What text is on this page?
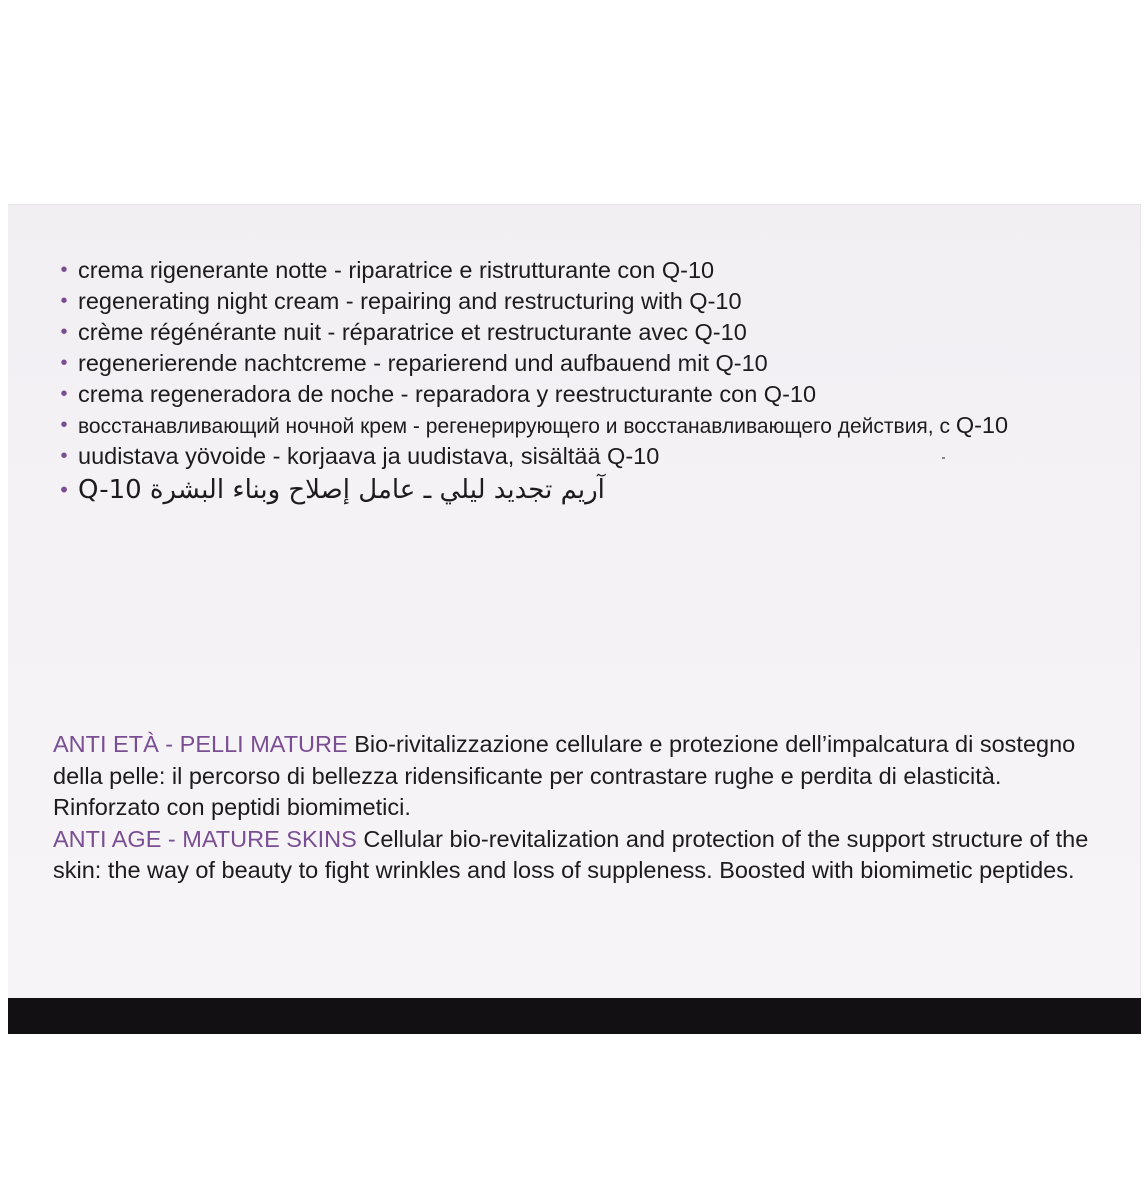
• crema rigenerante notte - riparatrice e ristrutturante con Q-10
• regenerating night cream - repairing and restructuring with Q-10
• crème régénérante nuit - réparatrice et restructurante avec Q-10
• regenerierende nachtcreme - reparierend und aufbauend mit Q-10
• crema regeneradora de noche - reparadora y reestructurante con Q-10
• восстанавливающий ночной крем - регенерирующего и восстанавливающего действия, с Q-10
• uudistava yövoide - korjaava ja uudistava, sisältää Q-10
• آريم تجديد ليلي ـ عامل إصلاح وبناء البشرة Q-10

ANTI ETÀ - PELLI MATURE Bio-rivitalizzazione cellulare e protezione dell’impalcatura di sostegno della pelle: il percorso di bellezza ridensificante per contrastare rughe e perdita di elasticità. Rinforzato con peptidi biomimetici.

ANTI AGE - MATURE SKINS Cellular bio-revitalization and protection of the support structure of the skin: the way of beauty to fight wrinkles and loss of suppleness. Boosted with biomimetic peptides.
